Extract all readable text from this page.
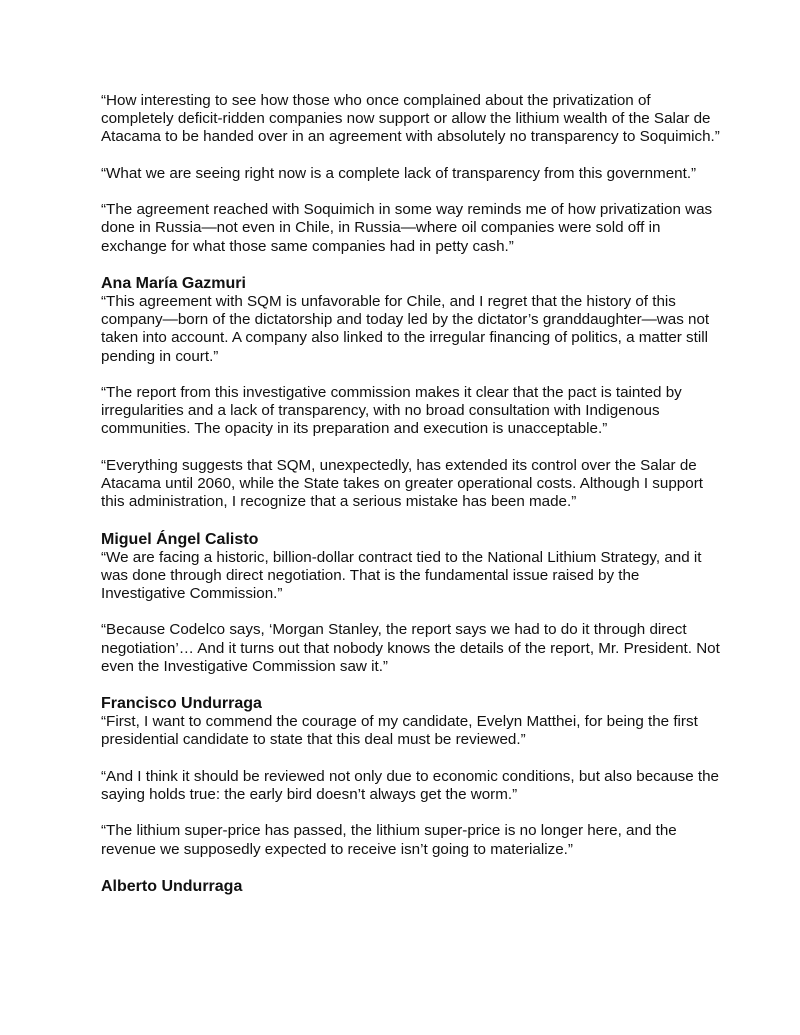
“How interesting to see how those who once complained about the privatization of completely deficit-ridden companies now support or allow the lithium wealth of the Salar de Atacama to be handed over in an agreement with absolutely no transparency to Soquimich.”

“What we are seeing right now is a complete lack of transparency from this government.”

“The agreement reached with Soquimich in some way reminds me of how privatization was done in Russia—not even in Chile, in Russia—where oil companies were sold off in exchange for what those same companies had in petty cash.”

Ana María Gazmuri

“This agreement with SQM is unfavorable for Chile, and I regret that the history of this company—born of the dictatorship and today led by the dictator’s granddaughter—was not taken into account. A company also linked to the irregular financing of politics, a matter still pending in court.”

“The report from this investigative commission makes it clear that the pact is tainted by irregularities and a lack of transparency, with no broad consultation with Indigenous communities. The opacity in its preparation and execution is unacceptable.”

“Everything suggests that SQM, unexpectedly, has extended its control over the Salar de Atacama until 2060, while the State takes on greater operational costs. Although I support this administration, I recognize that a serious mistake has been made.”

Miguel Ángel Calisto

“We are facing a historic, billion-dollar contract tied to the National Lithium Strategy, and it was done through direct negotiation. That is the fundamental issue raised by the Investigative Commission.”

“Because Codelco says, ‘Morgan Stanley, the report says we had to do it through direct negotiation’… And it turns out that nobody knows the details of the report, Mr. President. Not even the Investigative Commission saw it.”

Francisco Undurraga

“First, I want to commend the courage of my candidate, Evelyn Matthei, for being the first presidential candidate to state that this deal must be reviewed.”

“And I think it should be reviewed not only due to economic conditions, but also because the saying holds true: the early bird doesn’t always get the worm.”

“The lithium super-price has passed, the lithium super-price is no longer here, and the revenue we supposedly expected to receive isn’t going to materialize.”

Alberto Undurraga
